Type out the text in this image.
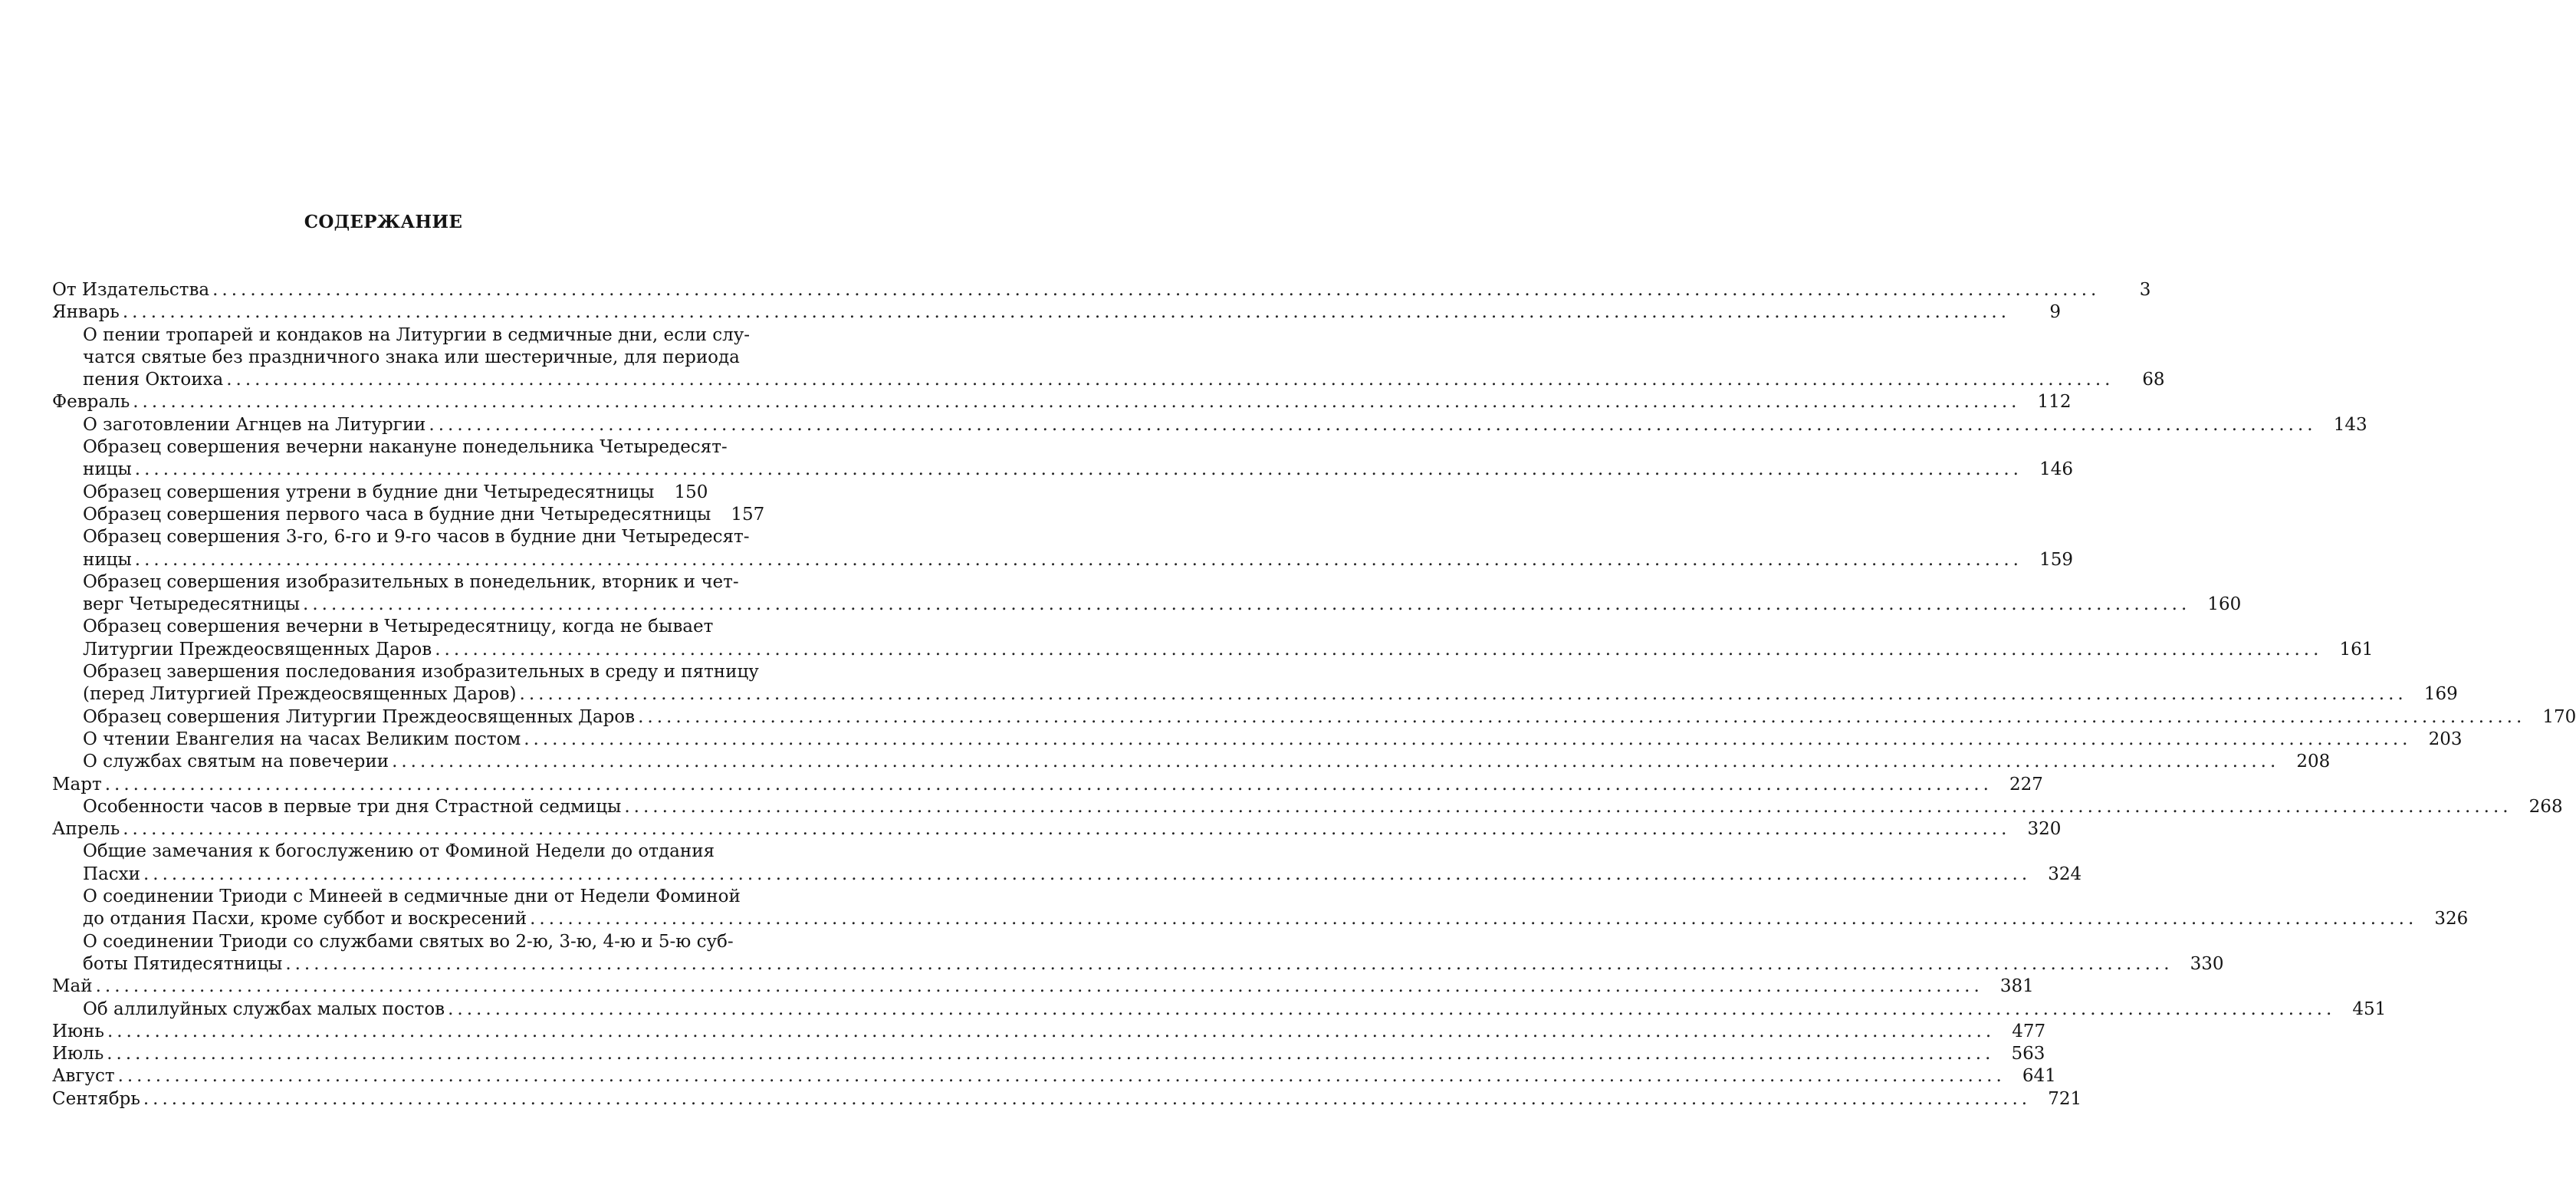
СОДЕРЖАНИЕ
От Издательства ........................................................................................................................................................................................................	3
Январь ........................................................................................................................................................................................................	9
О пении тропарей и кондаков на Литургии в седмичные дни, если слу-
чатся святые без праздничного знака или шестеричные, для периода
пения Октоиха ........................................................................................................................................................................................................	68
Февраль ........................................................................................................................................................................................................ 112
О заготовлении Агнцев на Литургии ........................................................................................................................................................................................................ 143
Образец совершения вечерни накануне понедельника Четыредесят-
ницы ........................................................................................................................................................................................................ 146
Образец совершения утрени в будние дни Четыредесятницы	150
Образец совершения первого часа в будние дни Четыредесятницы	157
Образец совершения 3-го, 6-го и 9-го часов в будние дни Четыредесят-
ницы ........................................................................................................................................................................................................ 159
Образец совершения изобразительных в понедельник, вторник и чет-
верг Четыредесятницы ........................................................................................................................................................................................................ 160
Образец совершения вечерни в Четыредесятницу, когда не бывает
Литургии Преждеосвященных Даров ........................................................................................................................................................................................................ 161
Образец завершения последования изобразительных в среду и пятницу
(перед Литургией Преждеосвященных Даров) ........................................................................................................................................................................................................ 169
Образец совершения Литургии Преждеосвященных Даров ........................................................................................................................................................................................................ 170
О чтении Евангелия на часах Великим постом ........................................................................................................................................................................................................ 203
О службах святым на повечерии ........................................................................................................................................................................................................ 208
Март ........................................................................................................................................................................................................ 227
Особенности часов в первые три дня Страстной седмицы ........................................................................................................................................................................................................ 268
Апрель ........................................................................................................................................................................................................ 320
Общие замечания к богослужению от Фоминой Недели до отдания
Пасхи ........................................................................................................................................................................................................ 324
О соединении Триоди с Минеей в седмичные дни от Недели Фоминой
до отдания Пасхи, кроме суббот и воскресений ........................................................................................................................................................................................................ 326
О соединении Триоди со службами святых во 2-ю, 3-ю, 4-ю и 5-ю суб-
боты Пятидесятницы ........................................................................................................................................................................................................ 330
Май ........................................................................................................................................................................................................ 381
Об аллилуйных службах малых постов ........................................................................................................................................................................................................ 451
Июнь ........................................................................................................................................................................................................ 477
Июль ........................................................................................................................................................................................................ 563
Август ........................................................................................................................................................................................................ 641
Сентябрь ........................................................................................................................................................................................................ 721
